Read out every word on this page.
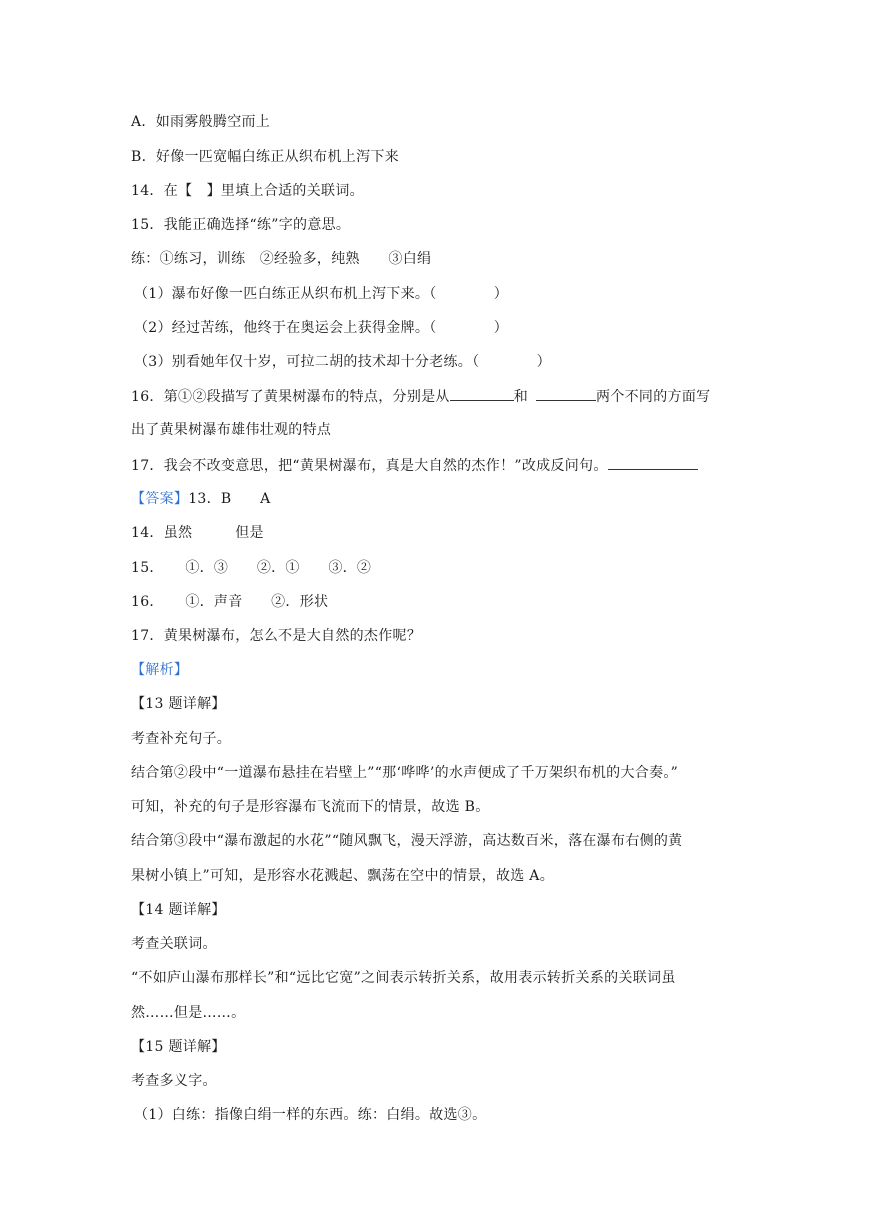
A．如雨雾般腾空而上
B．好像一匹宽幅白练正从织布机上泻下来
14．在【　】里填上合适的关联词。
15．我能正确选择“练”字的意思。
练：①练习，训练　②经验多，纯熟　　③白绢
（1）瀑布好像一匹白练正从织布机上泻下来。（　　　　）
（2）经过苦练，他终于在奥运会上获得金牌。（　　　　）
（3）别看她年仅十岁，可拉二胡的技术却十分老练。（　　　　）
16．第①②段描写了黄果树瀑布的特点，分别是从	和	两个不同的方面写
出了黄果树瀑布雄伟壮观的特点
17．我会不改变意思，把“黄果树瀑布，真是大自然的杰作！”改成反问句。
【答案】13．B　　A
14．虽然　　　但是
15．　　①．③　　②．①　　③．②
16．　　①．声音　　②．形状
17．黄果树瀑布，怎么不是大自然的杰作呢？
【解析】
【13 题详解】
考查补充句子。
结合第②段中“一道瀑布悬挂在岩壁上”“那‘哗哗’的水声便成了千万架织布机的大合奏。”
可知，补充的句子是形容瀑布飞流而下的情景，故选 B。
结合第③段中“瀑布激起的水花”“随风飘飞，漫天浮游，高达数百米，落在瀑布右侧的黄
果树小镇上”可知，是形容水花溅起、飘荡在空中的情景，故选 A。
【14 题详解】
考查关联词。
“不如庐山瀑布那样长”和“远比它宽”之间表示转折关系，故用表示转折关系的关联词虽
然……但是……。
【15 题详解】
考查多义字。
（1）白练：指像白绢一样的东西。练：白绢。故选③。
